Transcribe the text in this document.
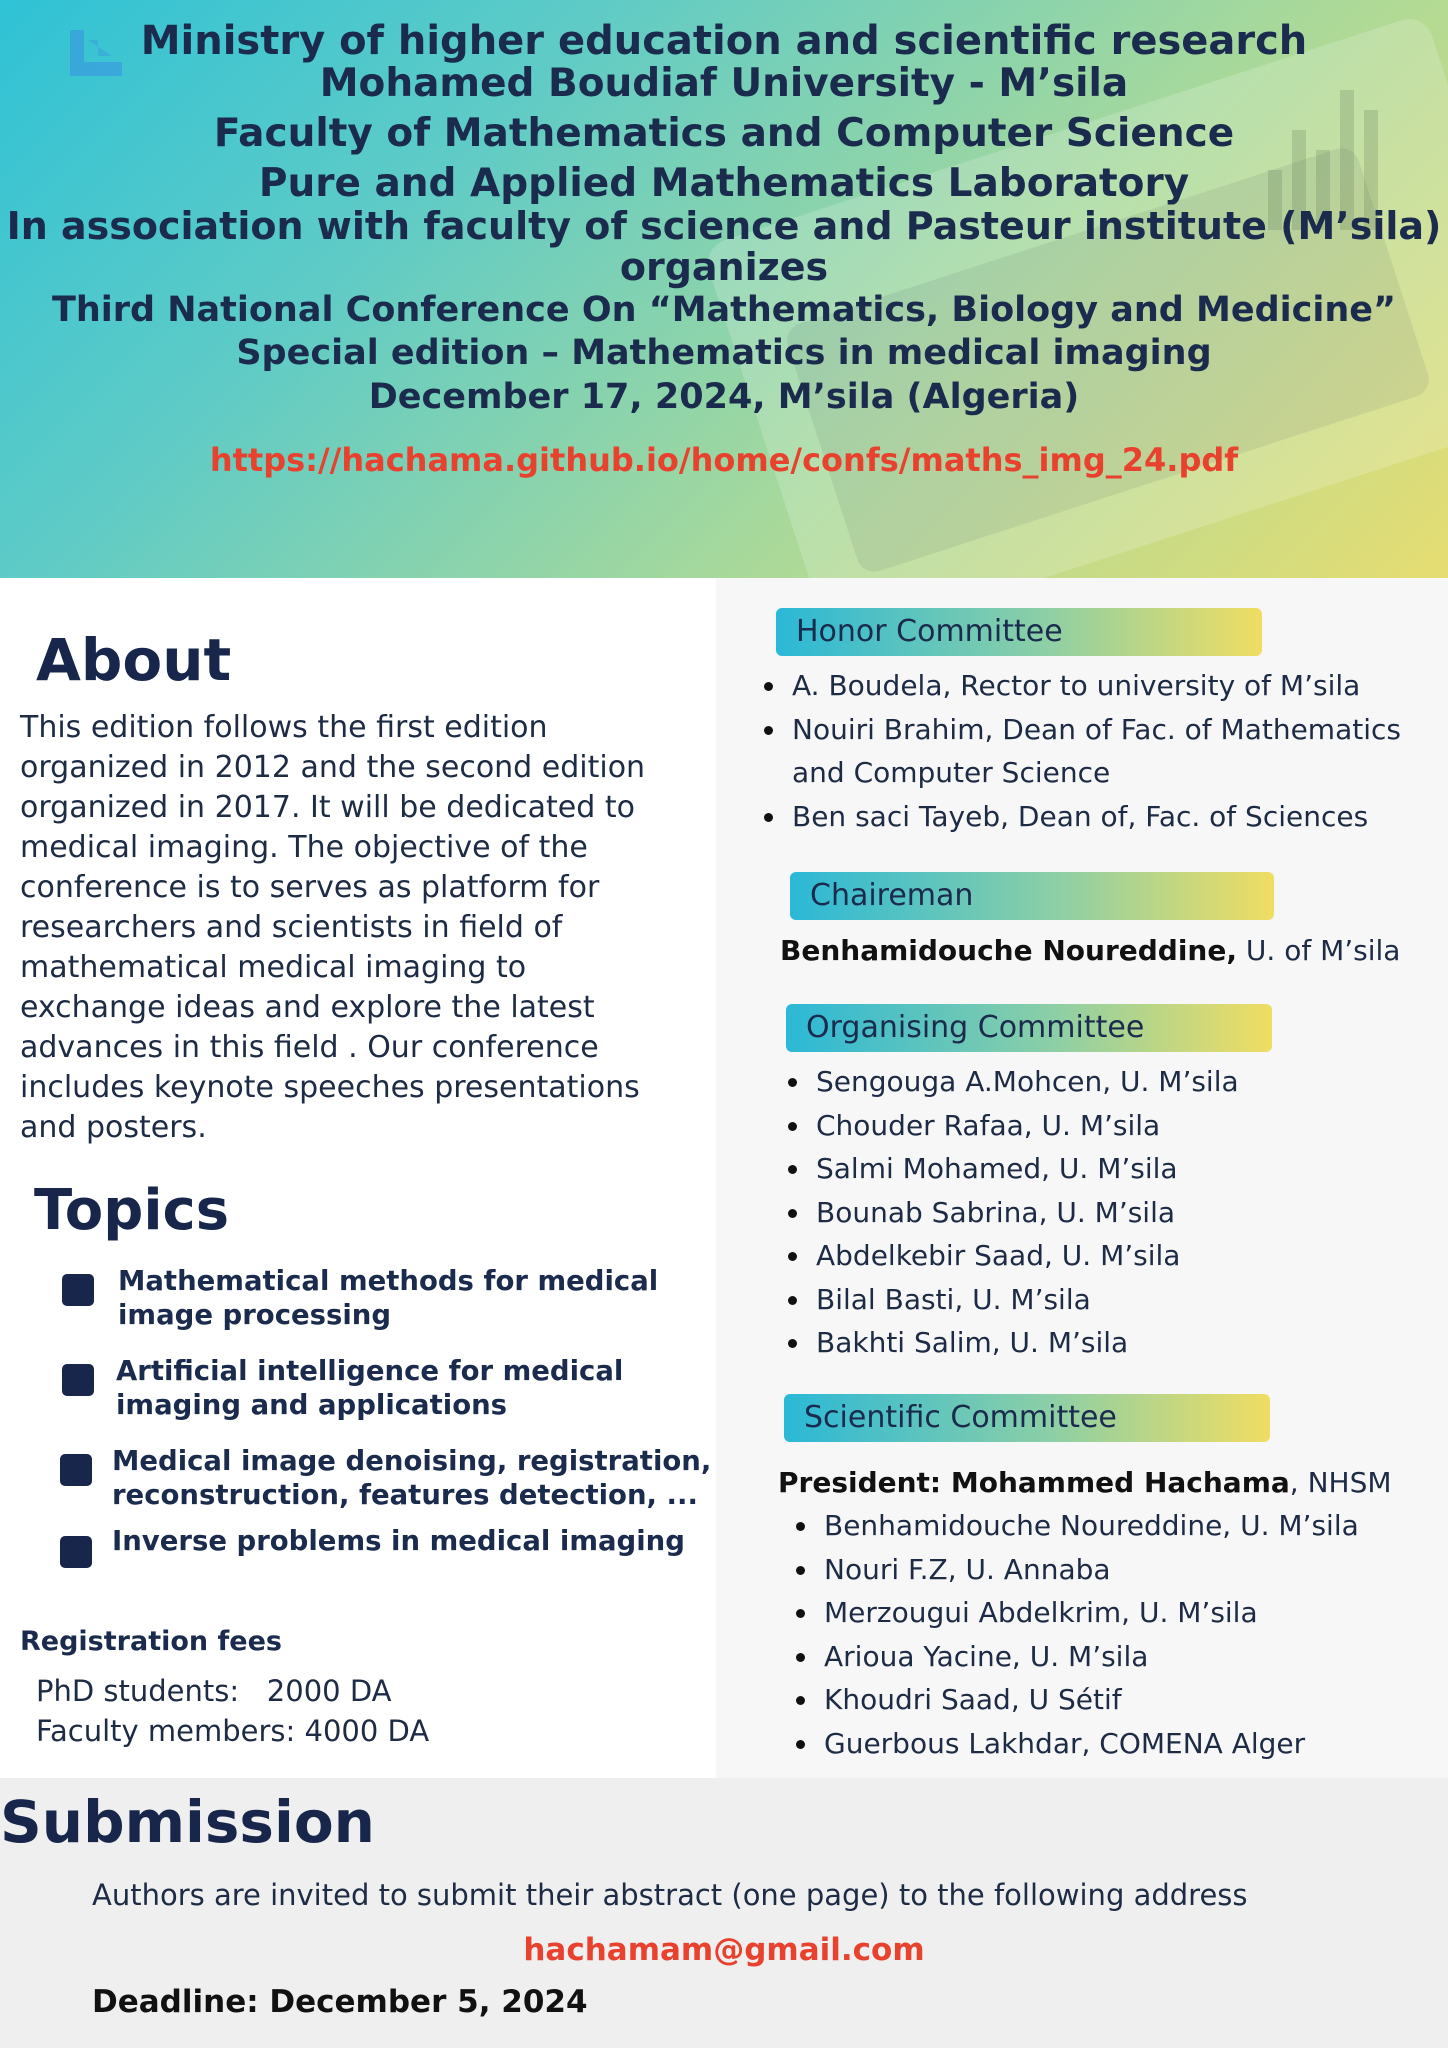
Ministry of higher education and scientific research
Mohamed Boudiaf University - M’sila
Faculty of Mathematics and Computer Science
Pure and Applied Mathematics Laboratory
In association with faculty of science and Pasteur institute (M’sila)
organizes
Third National Conference On “Mathematics, Biology and Medicine”
Special edition – Mathematics in medical imaging
December 17, 2024, M’sila (Algeria)
https://hachama.github.io/home/confs/maths_img_24.pdf
About
This edition follows the first edition
organized in 2012 and the second edition
organized in 2017. It will be dedicated to
medical imaging. The objective of the
conference is to serves as platform for
researchers and scientists in field of
mathematical medical imaging to
exchange ideas and explore the latest
advances in this field . Our conference
includes keynote speeches presentations
and posters.
Topics
Mathematical methods for medical
image processing
Artificial intelligence for medical
imaging and applications
Medical image denoising, registration,
reconstruction, features detection, ...
Inverse problems in medical imaging
Registration fees
PhD students:   2000 DA
Faculty members: 4000 DA
Honor Committee
A. Boudela, Rector to university of M’sila
Nouiri Brahim, Dean of Fac. of Mathematics and Computer Science
Ben saci Tayeb, Dean of, Fac. of Sciences
Chaireman
Benhamidouche Noureddine, U. of M’sila
Organising Committee
Sengouga A.Mohcen, U. M’sila
Chouder Rafaa, U. M’sila
Salmi Mohamed, U. M’sila
Bounab Sabrina, U. M’sila
Abdelkebir Saad, U. M’sila
Bilal Basti, U. M’sila
Bakhti Salim, U. M’sila
Scientific Committee
President: Mohammed Hachama, NHSM
Benhamidouche Noureddine, U. M’sila
Nouri F.Z, U. Annaba
Merzougui Abdelkrim, U. M’sila
Arioua Yacine, U. M’sila
Khoudri Saad, U Sétif
Guerbous Lakhdar, COMENA Alger
Submission
Authors are invited to submit their abstract (one page) to the following address
hachamam@gmail.com
Deadline: December 5, 2024
